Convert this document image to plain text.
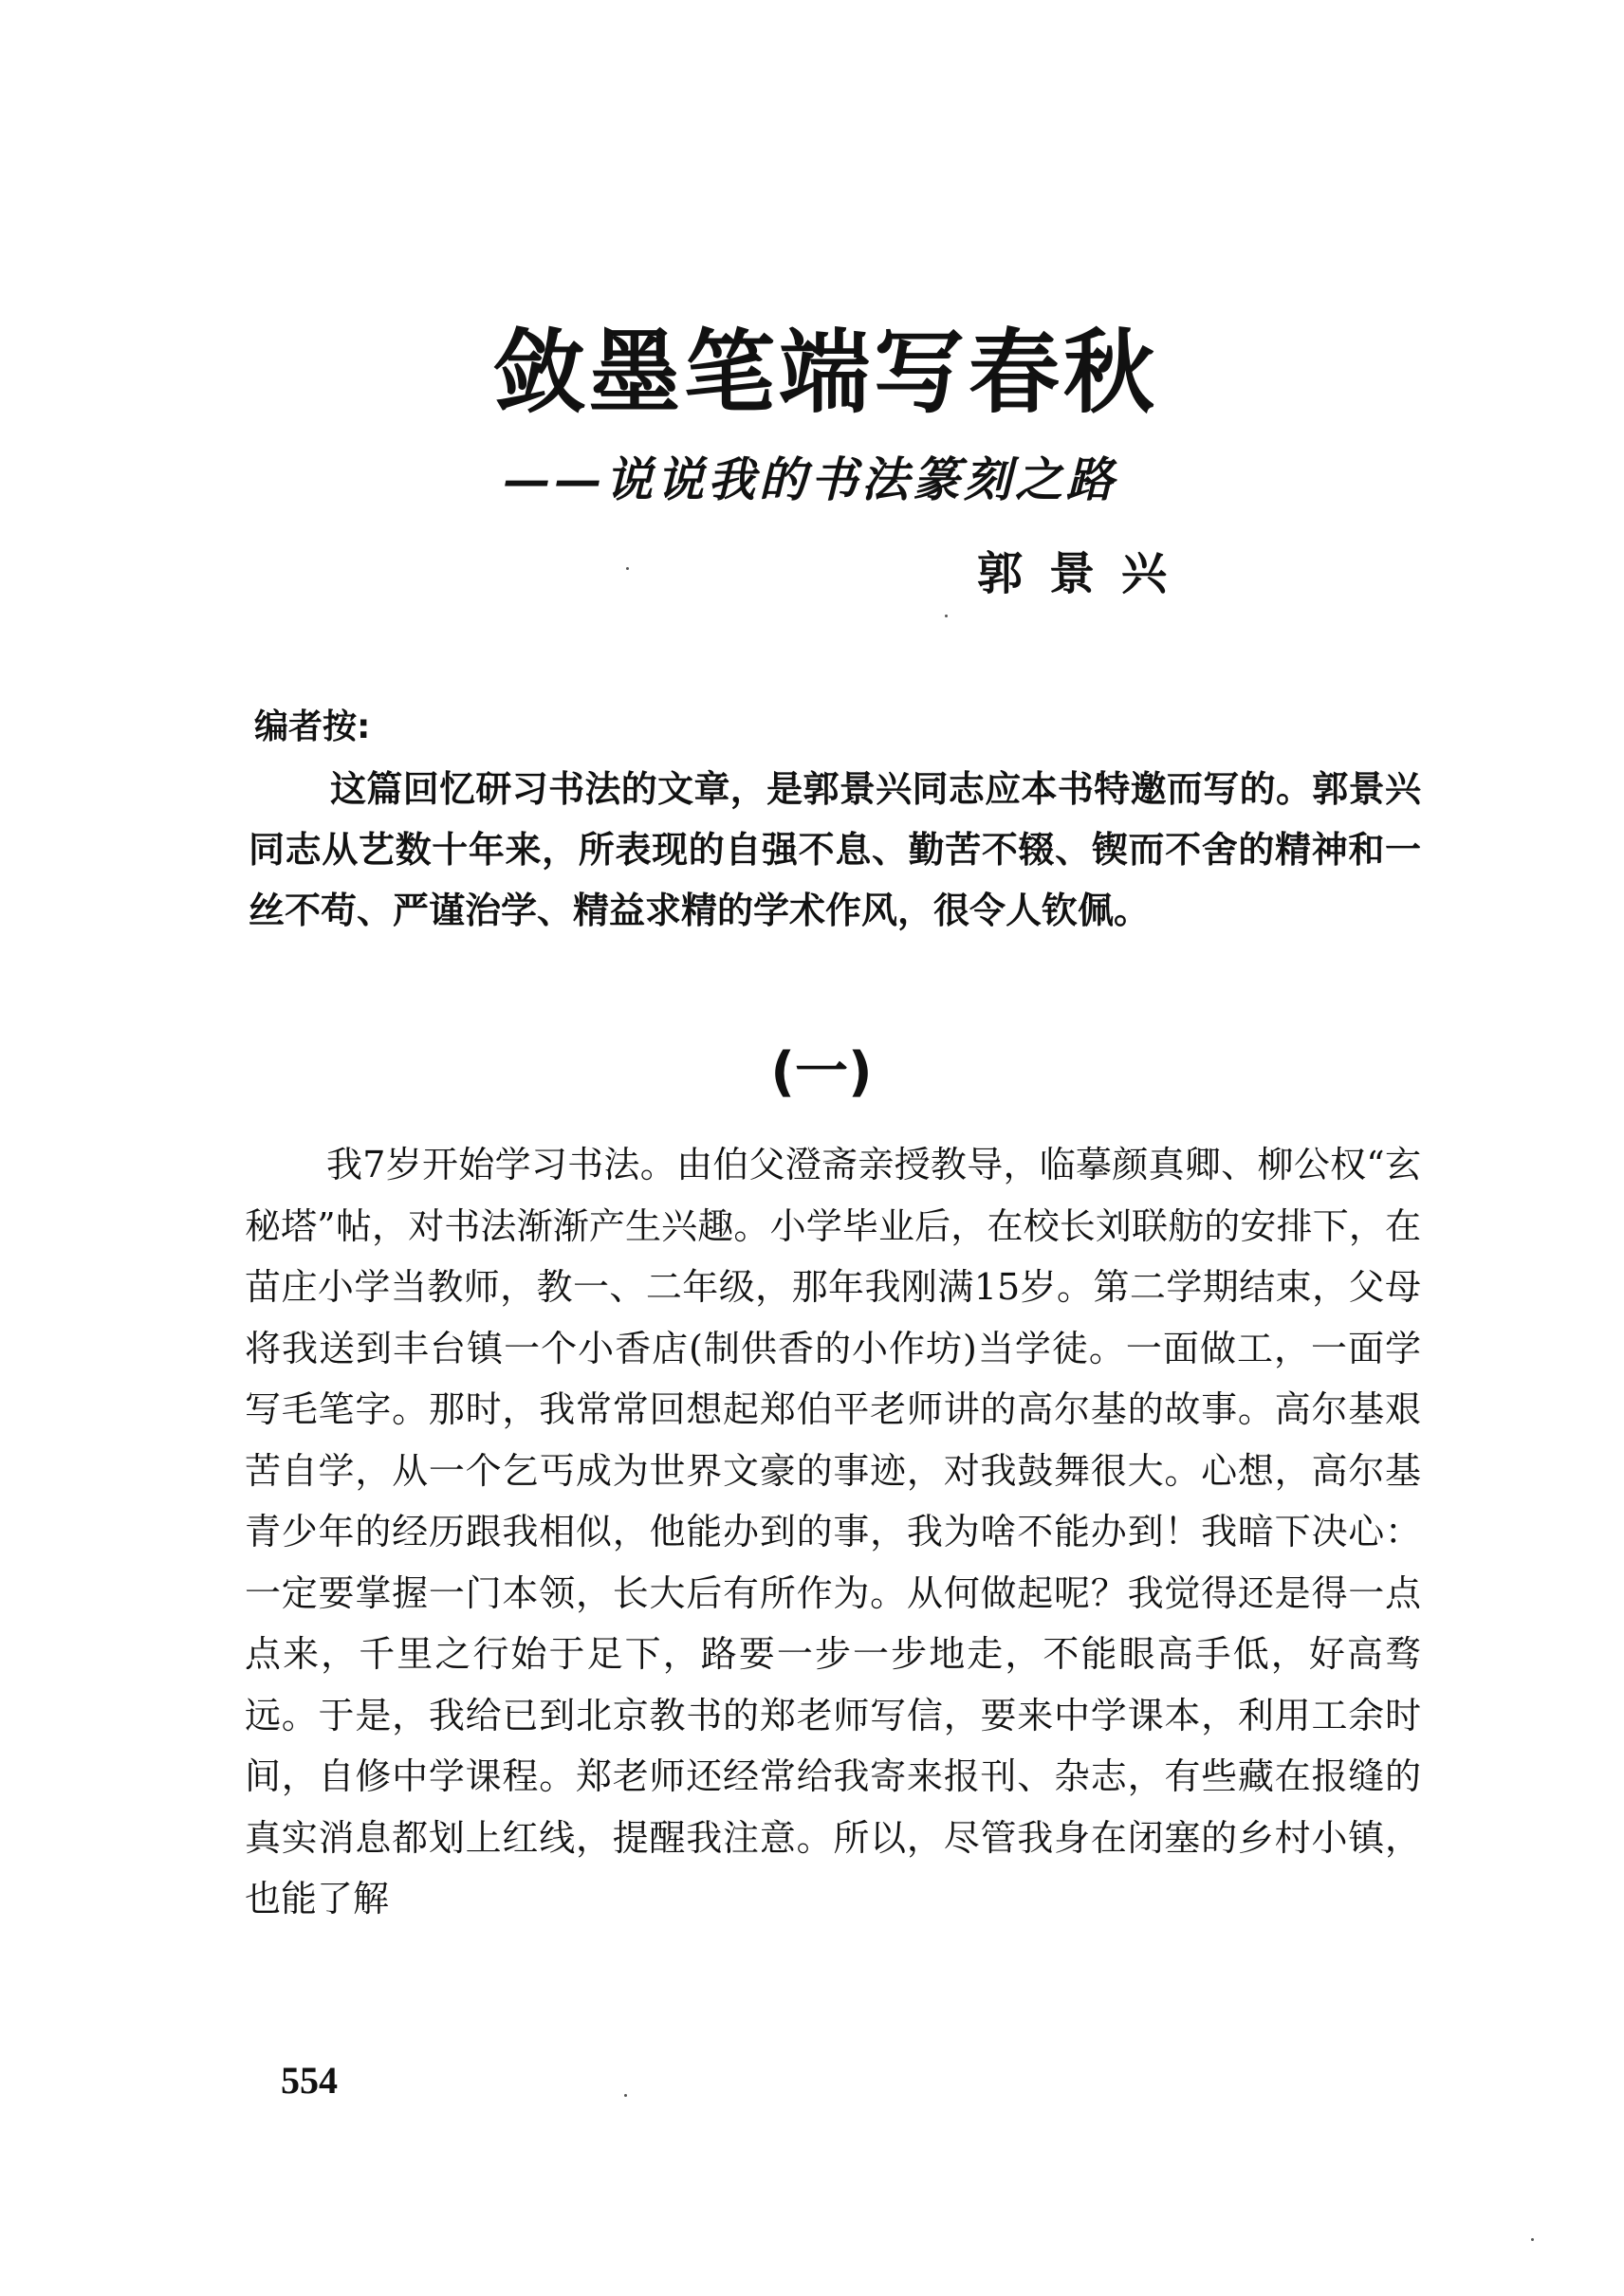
敛墨笔端写春秋
——说说我的书法篆刻之路
郭景兴
编者按:

这篇回忆研习书法的文章，是郭景兴同志应本书特邀而写的。郭景兴同志从艺数十年来，所表现的自强不息、勤苦不辍、锲而不舍的精神和一丝不苟、严谨治学、精益求精的学术作风，很令人钦佩。

(一)

我7岁开始学习书法。由伯父澄斋亲授教导，临摹颜真卿、柳公权“玄秘塔”帖，对书法渐渐产生兴趣。小学毕业后，在校长刘联舫的安排下，在苗庄小学当教师，教一、二年级，那年我刚满15岁。第二学期结束，父母将我送到丰台镇一个小香店(制供香的小作坊)当学徒。一面做工，一面学写毛笔字。那时，我常常回想起郑伯平老师讲的高尔基的故事。高尔基艰苦自学，从一个乞丐成为世界文豪的事迹，对我鼓舞很大。心想，高尔基青少年的经历跟我相似，他能办到的事，我为啥不能办到！我暗下决心：一定要掌握一门本领，长大后有所作为。从何做起呢？我觉得还是得一点点来，千里之行始于足下，路要一步一步地走，不能眼高手低，好高骛远。于是，我给已到北京教书的郑老师写信，要来中学课本，利用工余时间，自修中学课程。郑老师还经常给我寄来报刊、杂志，有些藏在报缝的真实消息都划上红线，提醒我注意。所以，尽管我身在闭塞的乡村小镇，也能了解

554
